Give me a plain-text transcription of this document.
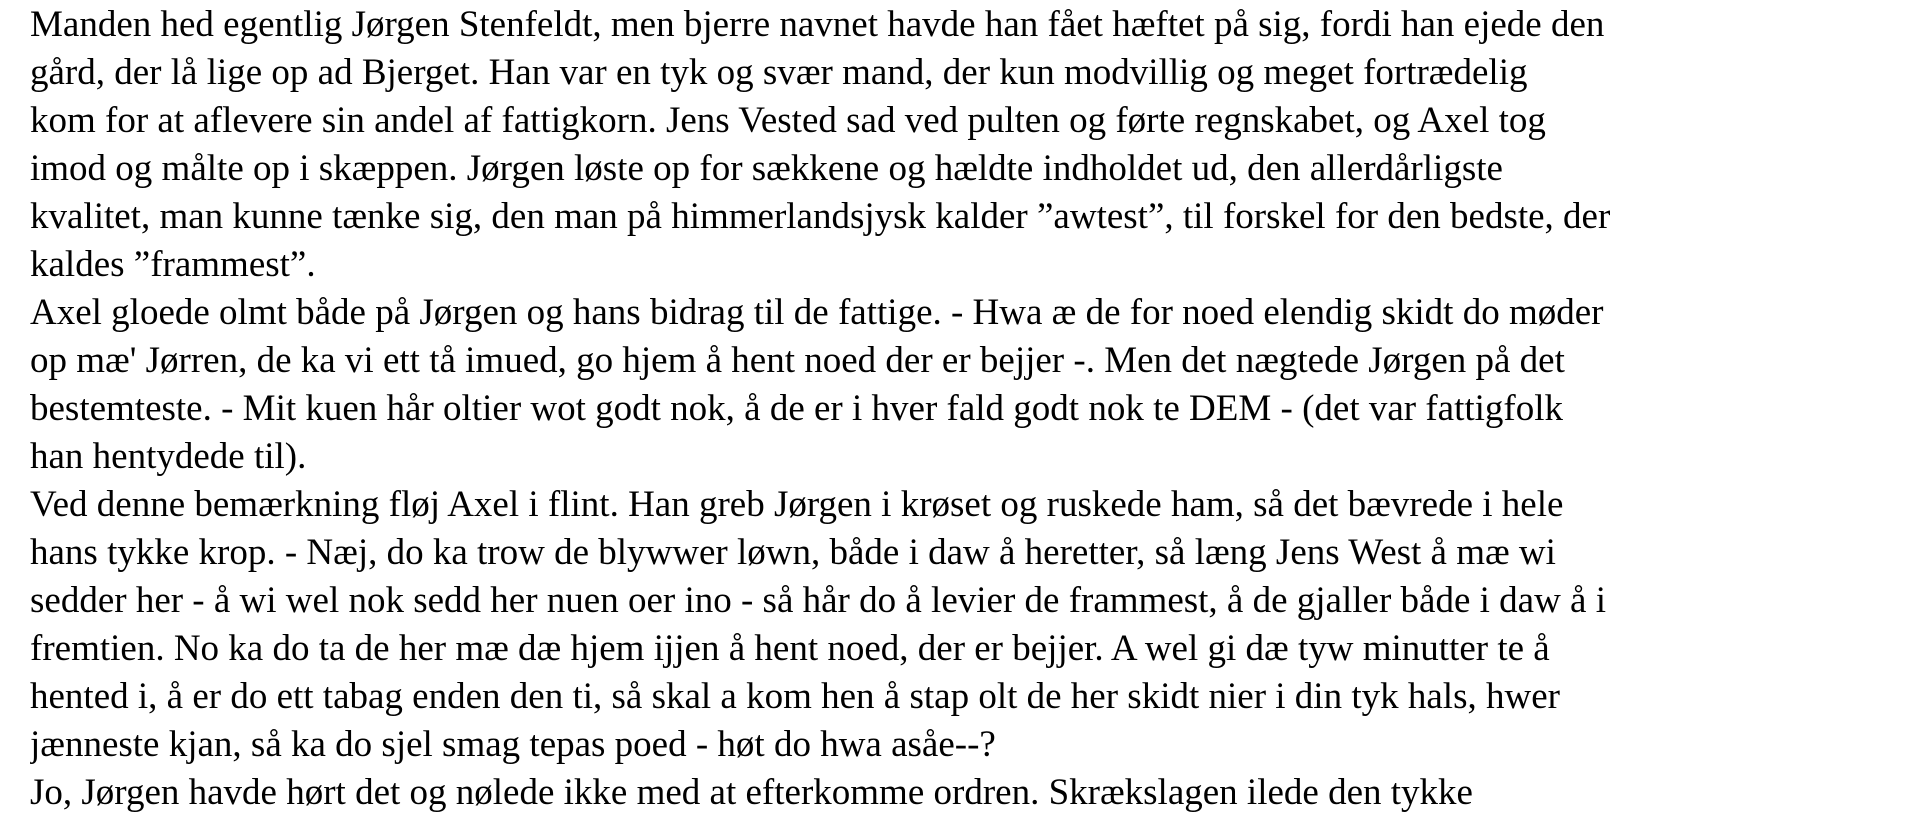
Manden hed egentlig Jørgen Stenfeldt, men bjerre navnet havde han fået hæftet på sig, fordi han ejede den
gård, der lå lige op ad Bjerget. Han var en tyk og svær mand, der kun modvillig og meget fortrædelig
kom for at aflevere sin andel af fattigkorn. Jens Vested sad ved pulten og førte regnskabet, og Axel tog
imod og målte op i skæppen. Jørgen løste op for sækkene og hældte indholdet ud, den allerdårligste
kvalitet, man kunne tænke sig, den man på himmerlandsjysk kalder ”awtest”, til forskel for den bedste, der
kaldes ”frammest”.
Axel gloede olmt både på Jørgen og hans bidrag til de fattige. - Hwa æ de for noed elendig skidt do møder
op mæ' Jørren, de ka vi ett tå imued, go hjem å hent noed der er bejjer -. Men det nægtede Jørgen på det
bestemteste. - Mit kuen hår oltier wot godt nok, å de er i hver fald godt nok te DEM - (det var fattigfolk
han hentydede til).
Ved denne bemærkning fløj Axel i flint. Han greb Jørgen i krøset og ruskede ham, så det bævrede i hele
hans tykke krop. - Næj, do ka trow de blywwer løwn, både i daw å heretter, så læng Jens West å mæ wi
sedder her - å wi wel nok sedd her nuen oer ino - så hår do å levier de frammest, å de gjaller både i daw å i
fremtien. No ka do ta de her mæ dæ hjem ijjen å hent noed, der er bejjer. A wel gi dæ tyw minutter te å
hented i, å er do ett tabag enden den ti, så skal a kom hen å stap olt de her skidt nier i din tyk hals, hwer
jænneste kjan, så ka do sjel smag tepas poed - høt do hwa asåe--?
Jo, Jørgen havde hørt det og nølede ikke med at efterkomme ordren. Skrækslagen ilede den tykke
